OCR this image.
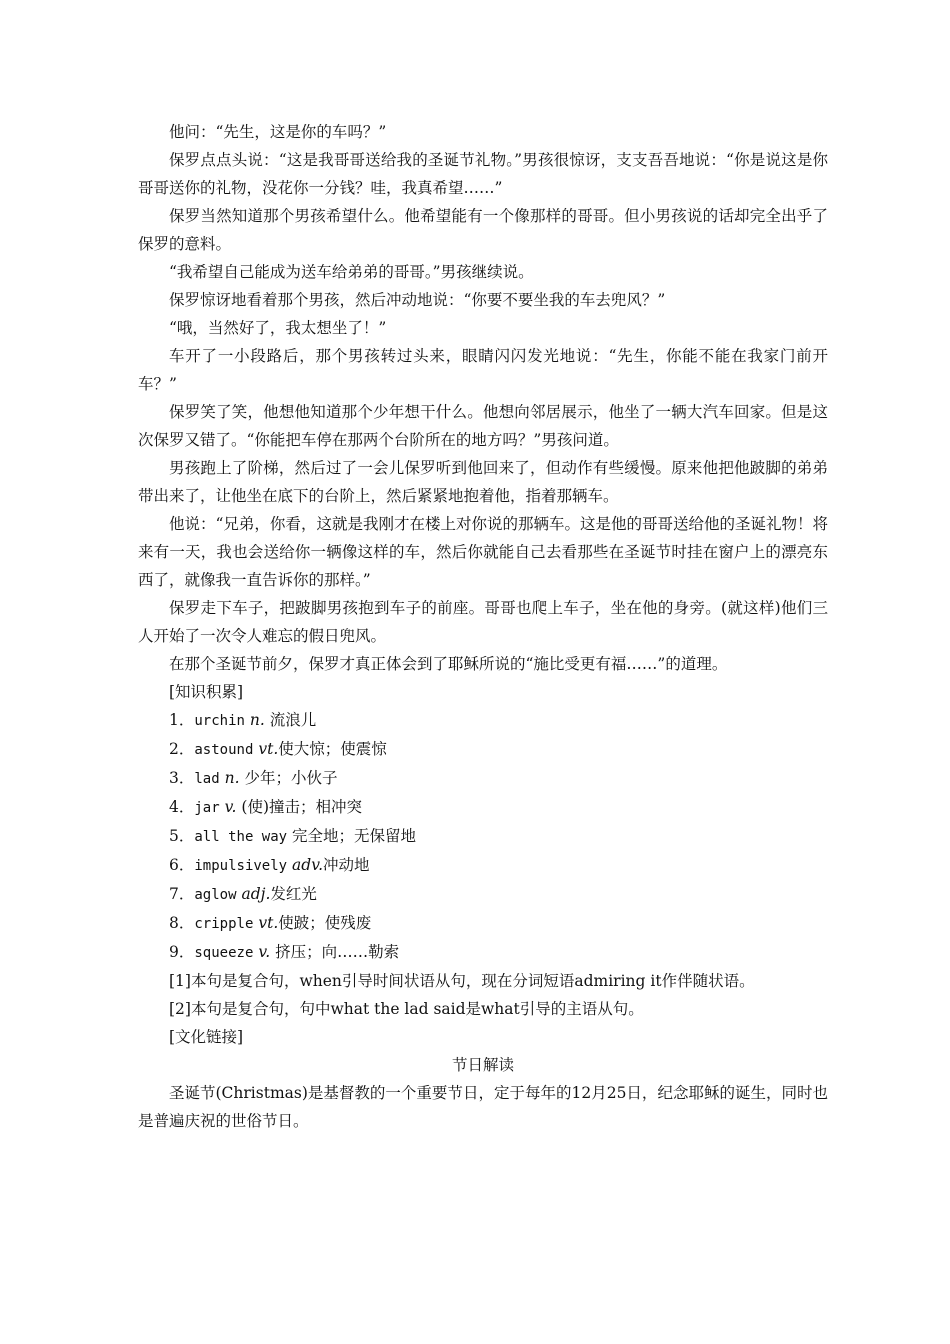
他问：“先生，这是你的车吗？”

保罗点点头说：“这是我哥哥送给我的圣诞节礼物。”男孩很惊讶，支支吾吾地说：“你是说这是你哥哥送你的礼物，没花你一分钱？哇，我真希望……”

保罗当然知道那个男孩希望什么。他希望能有一个像那样的哥哥。但小男孩说的话却完全出乎了保罗的意料。

“我希望自己能成为送车给弟弟的哥哥。”男孩继续说。

保罗惊讶地看着那个男孩，然后冲动地说：“你要不要坐我的车去兜风？”

“哦，当然好了，我太想坐了！”

车开了一小段路后，那个男孩转过头来，眼睛闪闪发光地说：“先生，你能不能在我家门前开车？”

保罗笑了笑，他想他知道那个少年想干什么。他想向邻居展示，他坐了一辆大汽车回家。但是这次保罗又错了。“你能把车停在那两个台阶所在的地方吗？”男孩问道。

男孩跑上了阶梯，然后过了一会儿保罗听到他回来了，但动作有些缓慢。原来他把他跛脚的弟弟带出来了，让他坐在底下的台阶上，然后紧紧地抱着他，指着那辆车。

他说：“兄弟，你看，这就是我刚才在楼上对你说的那辆车。这是他的哥哥送给他的圣诞礼物！将来有一天，我也会送给你一辆像这样的车，然后你就能自己去看那些在圣诞节时挂在窗户上的漂亮东西了，就像我一直告诉你的那样。”

保罗走下车子，把跛脚男孩抱到车子的前座。哥哥也爬上车子，坐在他的身旁。(就这样)他们三人开始了一次令人难忘的假日兜风。

在那个圣诞节前夕，保罗才真正体会到了耶稣所说的“施比受更有福……”的道理。

[知识积累]

1．urchin n. 流浪儿

2．astound vt.使大惊；使震惊

3．lad n. 少年；小伙子

4．jar v. (使)撞击；相冲突

5．all the way 完全地；无保留地

6．impulsively adv.冲动地

7．aglow adj.发红光

8．cripple vt.使跛；使残废

9．squeeze v. 挤压；向……勒索

[1]本句是复合句，when引导时间状语从句，现在分词短语admiring it作伴随状语。

[2]本句是复合句，句中what the lad said是what引导的主语从句。

[文化链接]

节日解读

圣诞节(Christmas)是基督教的一个重要节日，定于每年的12月25日，纪念耶稣的诞生，同时也是普遍庆祝的世俗节日。
